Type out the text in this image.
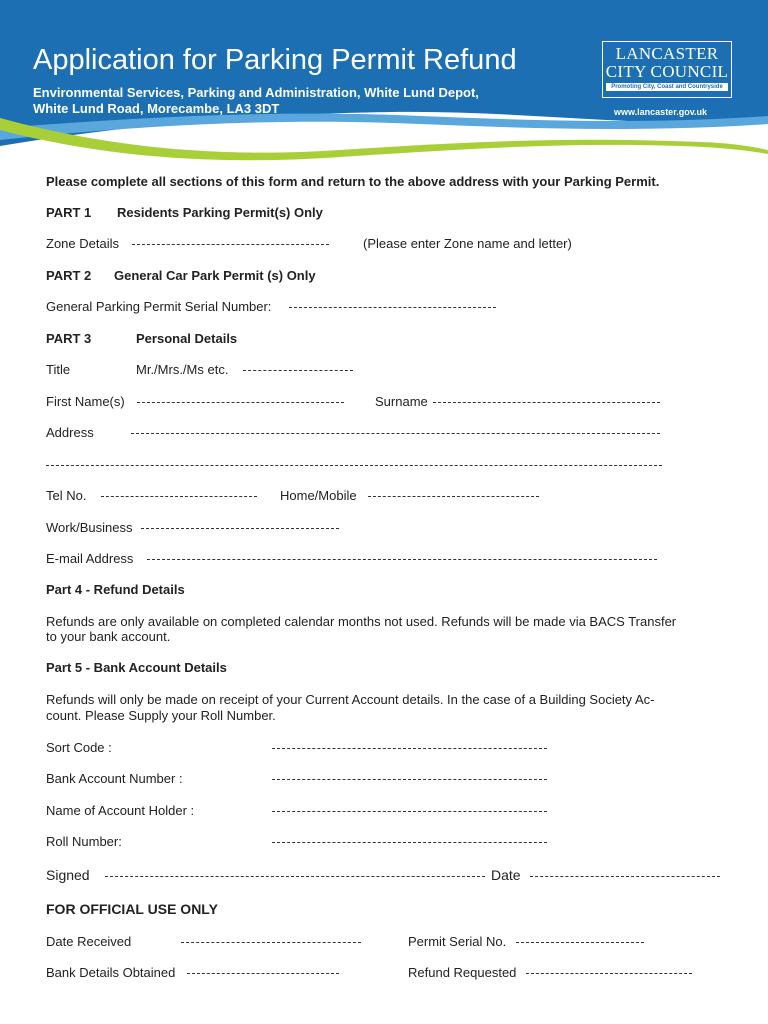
Application for Parking Permit Refund
Environmental Services, Parking and Administration, White Lund Depot,
White Lund Road, Morecambe, LA3 3DT
LANCASTER
CITY COUNCIL
Promoting City, Coast and Countryside
www.lancaster.gov.uk
Please complete all sections of this form and return to the above address with your Parking Permit.
PART 1 Residents Parking Permit(s) Only
Zone Details	(Please enter Zone name and letter)
PART 2 General Car Park Permit (s) Only
General Parking Permit Serial Number:
PART 3	Personal Details
Title	Mr./Mrs./Ms etc.
First Name(s)	Surname
Address
Tel No.	Home/Mobile
Work/Business
E-mail Address
Part 4 - Refund Details
Refunds are only available on completed calendar months not used. Refunds will be made via BACS Transfer
to your bank account.
Part 5 - Bank Account Details
Refunds will only be made on receipt of your Current Account details. In the case of a Building Society Ac-
count. Please Supply your Roll Number.
Sort Code :
Bank Account Number :
Name of Account Holder :
Roll Number:
Signed	Date
FOR OFFICIAL USE ONLY
Date Received	Permit Serial No.
Bank Details Obtained	Refund Requested
